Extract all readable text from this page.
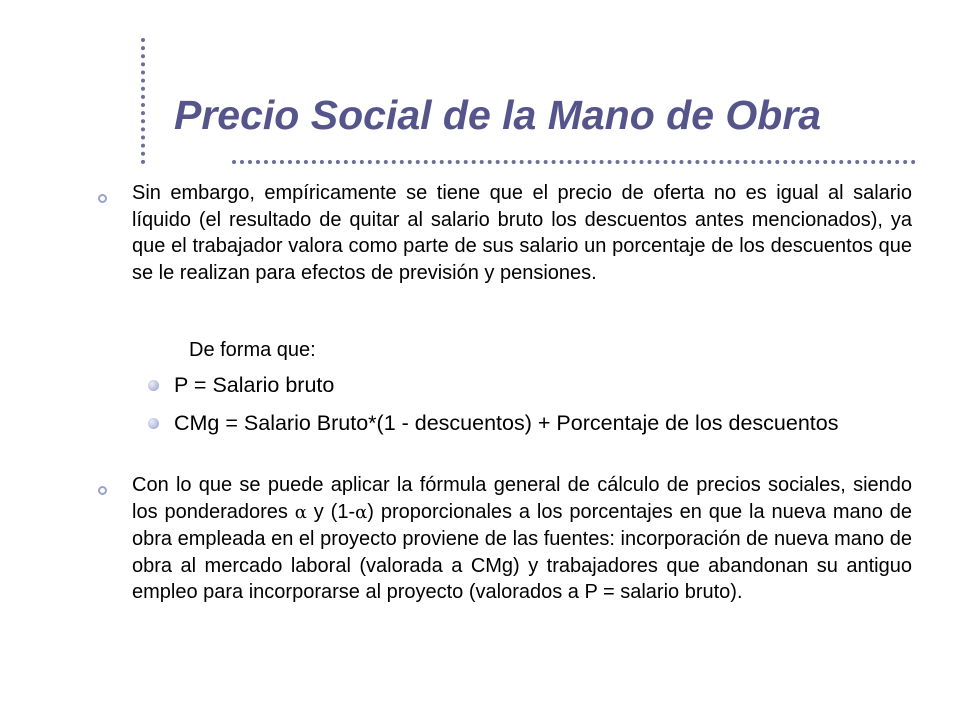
Precio Social de la Mano de Obra

Sin embargo, empíricamente se tiene que el precio de oferta no es igual al salario líquido (el resultado de quitar al salario bruto los descuentos antes mencionados), ya que el trabajador valora como parte de sus salario un porcentaje de los descuentos que se le realizan para efectos de previsión y pensiones.

De forma que:

P = Salario bruto

CMg = Salario Bruto*(1 - descuentos) + Porcentaje de los descuentos

Con lo que se puede aplicar la fórmula general de cálculo de precios sociales, siendo los ponderadores α y (1-α) proporcionales a los porcentajes en que la nueva mano de obra empleada en el proyecto proviene de las fuentes: incorporación de nueva mano de obra al mercado laboral (valorada a CMg) y trabajadores que abandonan su antiguo empleo para incorporarse al proyecto (valorados a P = salario bruto).
